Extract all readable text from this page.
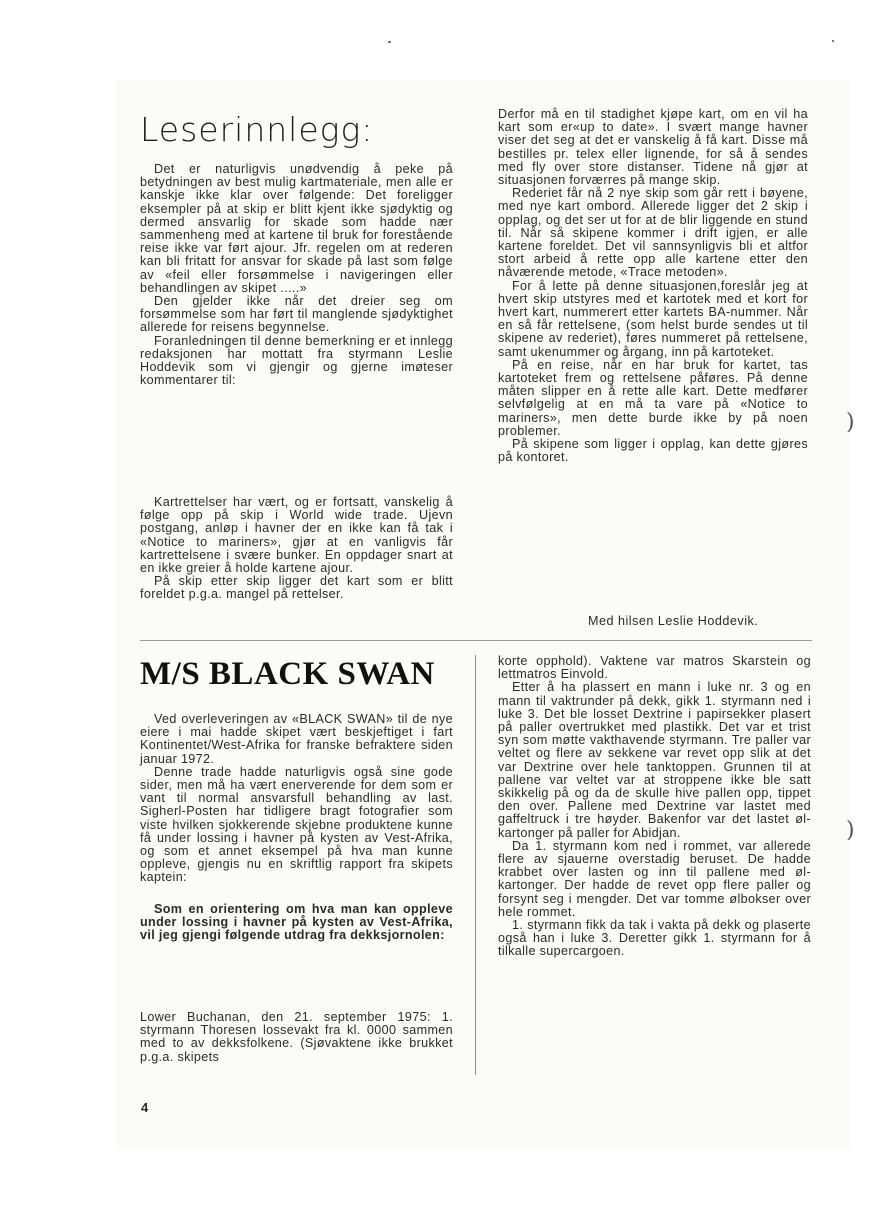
)
)
Leserinnlegg:

Det er naturligvis unødvendig å peke på betydningen av best mulig kartmateriale, men alle er kanskje ikke klar over følgende: Det foreligger eksempler på at skip er blitt kjent ikke sjødyktig og dermed ansvarlig for skade som hadde nær sammenheng med at kartene til bruk for forestående reise ikke var ført ajour. Jfr. regelen om at rederen kan bli fritatt for ansvar for skade på last som følge av «feil eller forsømmelse i navigeringen eller behandlingen av skipet .....»

Den gjelder ikke når det dreier seg om forsømmelse som har ført til manglende sjødyktighet allerede for reisens begynnelse.

Foranledningen til denne bemerkning er et innlegg redaksjonen har mottatt fra styrmann Leslie Hoddevik som vi gjengir og gjerne imøteser kommentarer til:

Kartrettelser har vært, og er fortsatt, vanskelig å følge opp på skip i World wide trade. Ujevn postgang, anløp i havner der en ikke kan få tak i «Notice to mariners», gjør at en vanligvis får kartrettelsene i svære bunker. En oppdager snart at en ikke greier å holde kartene ajour.

På skip etter skip ligger det kart som er blitt foreldet p.g.a. mangel på rettelser.

Derfor må en til stadighet kjøpe kart, om en vil ha kart som er«up to date». I svært mange havner viser det seg at det er vanskelig å få kart. Disse må bestilles pr. telex eller lignende, for så å sendes med fly over store distanser. Tidene nå gjør at situasjonen forværres på mange skip.

Rederiet får nå 2 nye skip som går rett i bøyene, med nye kart ombord. Allerede ligger det 2 skip i opplag, og det ser ut for at de blir liggende en stund til. Når så skipene kommer i drift igjen, er alle kartene foreldet. Det vil sannsynligvis bli et altfor stort arbeid å rette opp alle kartene etter den nåværende metode, «Trace metoden».

For å lette på denne situasjonen,foreslår jeg at hvert skip utstyres med et kartotek med et kort for hvert kart, nummerert etter kartets BA-nummer. Når en så får rettelsene, (som helst burde sendes ut til skipene av rederiet), føres nummeret på rettelsene, samt ukenummer og årgang, inn på kartoteket.

På en reise, når en har bruk for kartet, tas kartoteket frem og rettelsene påføres. På denne måten slipper en å rette alle kart. Dette medfører selvfølgelig at en må ta vare på «Notice to mariners», men dette burde ikke by på noen problemer.

På skipene som ligger i opplag, kan dette gjøres på kontoret.

Med hilsen Leslie Hoddevik.
M/S BLACK SWAN

Ved overleveringen av «BLACK SWAN» til de nye eiere i mai hadde skipet vært beskjeftiget i fart Kontinentet/West-Afrika for franske befraktere siden januar 1972.

Denne trade hadde naturligvis også sine gode sider, men må ha vært enerverende for dem som er vant til normal ansvarsfull behandling av last. Sigherl-Posten har tidligere bragt fotografier som viste hvilken sjokkerende skjebne produktene kunne få under lossing i havner på kysten av Vest-Afrika, og som et annet eksempel på hva man kunne oppleve, gjengis nu en skriftlig rapport fra skipets kaptein:

Som en orientering om hva man kan oppleve under lossing i havner på kysten av Vest-Afrika, vil jeg gjengi følgende utdrag fra dekksjornolen:

Lower Buchanan, den 21. september 1975: 1. styrmann Thoresen lossevakt fra kl. 0000 sammen med to av dekksfolkene. (Sjøvaktene ikke brukket p.g.a. skipets

korte opphold). Vaktene var matros Skarstein og lettmatros Einvold.

Etter å ha plassert en mann i luke nr. 3 og en mann til vaktrunder på dekk, gikk 1. styrmann ned i luke 3. Det ble losset Dextrine i papirsekker plasert på paller overtrukket med plastikk. Det var et trist syn som møtte vakthavende styrmann. Tre paller var veltet og flere av sekkene var revet opp slik at det var Dextrine over hele tanktoppen. Grunnen til at pallene var veltet var at stroppene ikke ble satt skikkelig på og da de skulle hive pallen opp, tippet den over. Pallene med Dextrine var lastet med gaffeltruck i tre høyder. Bakenfor var det lastet øl-kartonger på paller for Abidjan.

Da 1. styrmann kom ned i rommet, var allerede flere av sjauerne overstadig beruset. De hadde krabbet over lasten og inn til pallene med øl-kartonger. Der hadde de revet opp flere paller og forsynt seg i mengder. Det var tomme ølbokser over hele rommet.

1. styrmann fikk da tak i vakta på dekk og plaserte også han i luke 3. Deretter gikk 1. styrmann for å tilkalle supercargoen.

4
